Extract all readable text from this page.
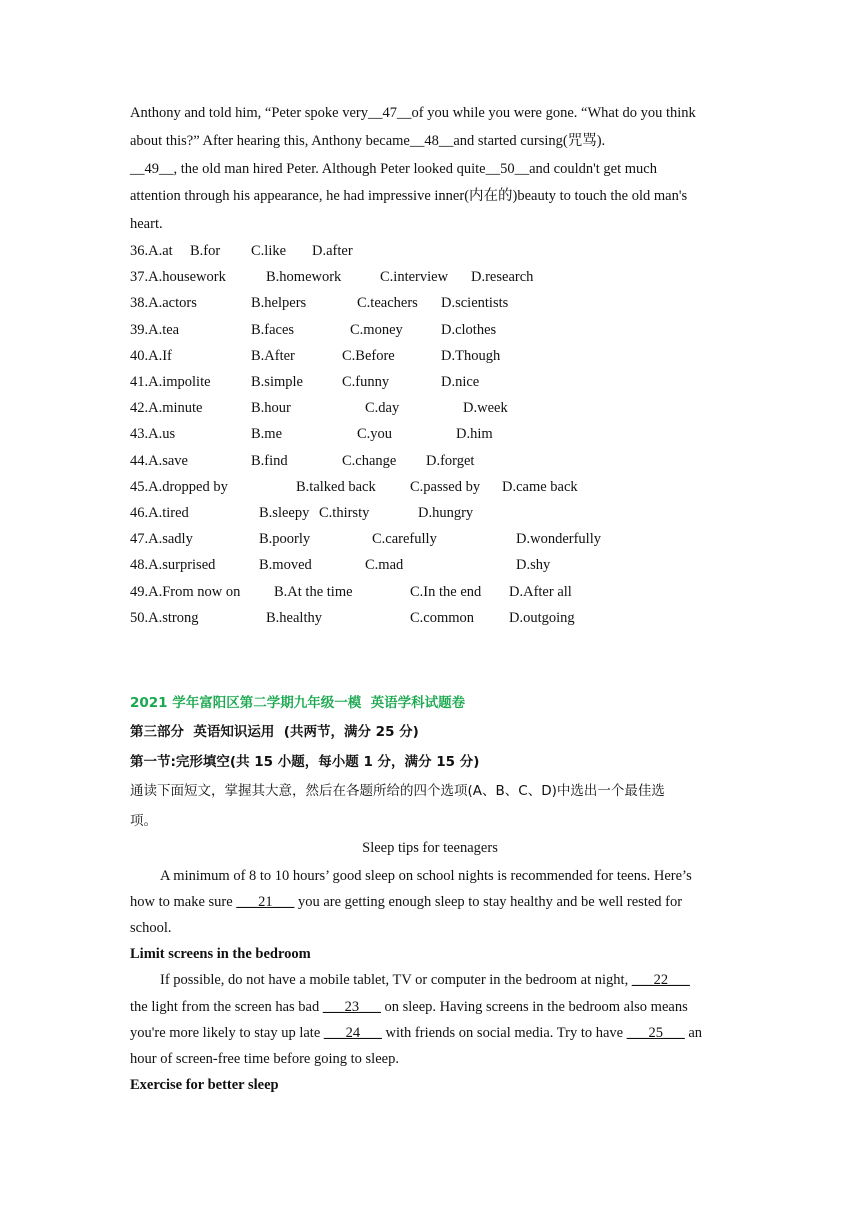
Anthony and told him, “Peter spoke very__47__of you while you were gone. “What do you think
about this?” After hearing this, Anthony became__48__and started cursing(咒骂).
__49__, the old man hired Peter. Although Peter looked quite__50__and couldn't get much
attention through his appearance, he had impressive inner(内在的)beauty to touch the old man's
heart.
36.A.at B.for C.like D.after
37.A.housework	B.homework	C.interview D.research
38.A.actors	B.helpers	C.teachers D.scientists
39.A.tea	B.faces	C.money	D.clothes
40.A.If	B.After	C.Before	D.Though
41.A.impolite	B.simple	C.funny	D.nice
42.A.minute	B.hour	C.day	D.week
43.A.us	B.me	C.you	D.him
44.A.save	B.find	C.change D.forget
45.A.dropped by	B.talked back C.passed by D.came back
46.A.tired	B.sleepy C.thirsty	D.hungry
47.A.sadly	B.poorly	C.carefully	D.wonderfully
48.A.surprised	B.moved	C.mad	D.shy
49.A.From now on B.At the time	C.In the end D.After all
50.A.strong	B.healthy	C.common D.outgoing
2021 学年富阳区第二学期九年级一模  英语学科试题卷
第三部分  英语知识运用  (共两节，满分 25 分)
第一节:完形填空(共 15 小题，每小题 1 分，满分 15 分)
通读下面短文，掌握其大意，然后在各题所给的四个选项(A、B、C、D)中选出一个最佳选
项。
Sleep tips for teenagers
A minimum of 8 to 10 hours’ good sleep on school nights is recommended for teens. Here’s
how to make sure ___21___ you are getting enough sleep to stay healthy and be well rested for
school.
Limit screens in the bedroom
If possible, do not have a mobile tablet, TV or computer in the bedroom at night, ___22___
the light from the screen has bad ___23___ on sleep. Having screens in the bedroom also means
you're more likely to stay up late ___24___ with friends on social media. Try to have ___25___ an
hour of screen-free time before going to sleep.
Exercise for better sleep
